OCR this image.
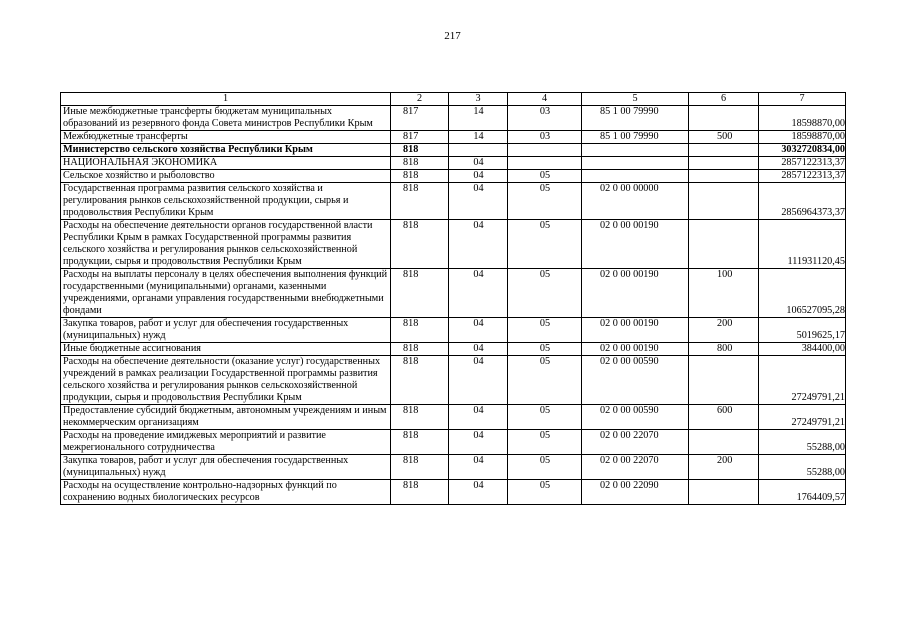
217
1	2	3	4	5	6	7
Иные межбюджетные трансферты бюджетам муниципальных образований из резервного фонда Совета министров Республики Крым	817	14	03	85 1 00 79990		18598870,00
Межбюджетные трансферты	817	14	03	85 1 00 79990	500	18598870,00
Министерство сельского хозяйства Республики Крым	818					3032720834,00
НАЦИОНАЛЬНАЯ ЭКОНОМИКА	818	04				2857122313,37
Сельское хозяйство и рыболовство	818	04	05			2857122313,37
Государственная программа развития сельского хозяйства и регулирования рынков сельскохозяйственной продукции, сырья и продовольствия Республики Крым	818	04	05	02 0 00 00000		2856964373,37
Расходы на обеспечение деятельности органов государственной власти Республики Крым в рамках Государственной программы развития сельского хозяйства и регулирования рынков сельскохозяйственной продукции, сырья и продовольствия Республики Крым	818	04	05	02 0 00 00190		111931120,45
Расходы на выплаты персоналу в целях обеспечения выполнения функций государственными (муниципальными) органами, казенными учреждениями, органами управления государственными внебюджетными фондами	818	04	05	02 0 00 00190	100	106527095,28
Закупка товаров, работ и услуг для обеспечения государственных (муниципальных) нужд	818	04	05	02 0 00 00190	200	5019625,17
Иные бюджетные ассигнования	818	04	05	02 0 00 00190	800	384400,00
Расходы на обеспечение деятельности (оказание услуг) государственных учреждений в рамках реализации Государственной программы развития сельского хозяйства и регулирования рынков сельскохозяйственной продукции, сырья и продовольствия Республики Крым	818	04	05	02 0 00 00590		27249791,21
Предоставление субсидий бюджетным, автономным учреждениям и иным некоммерческим организациям	818	04	05	02 0 00 00590	600	27249791,21
Расходы на проведение имиджевых мероприятий и развитие межрегионального сотрудничества	818	04	05	02 0 00 22070		55288,00
Закупка товаров, работ и услуг для обеспечения государственных (муниципальных) нужд	818	04	05	02 0 00 22070	200	55288,00
Расходы на осуществление контрольно-надзорных функций по сохранению водных биологических ресурсов	818	04	05	02 0 00 22090		1764409,57
